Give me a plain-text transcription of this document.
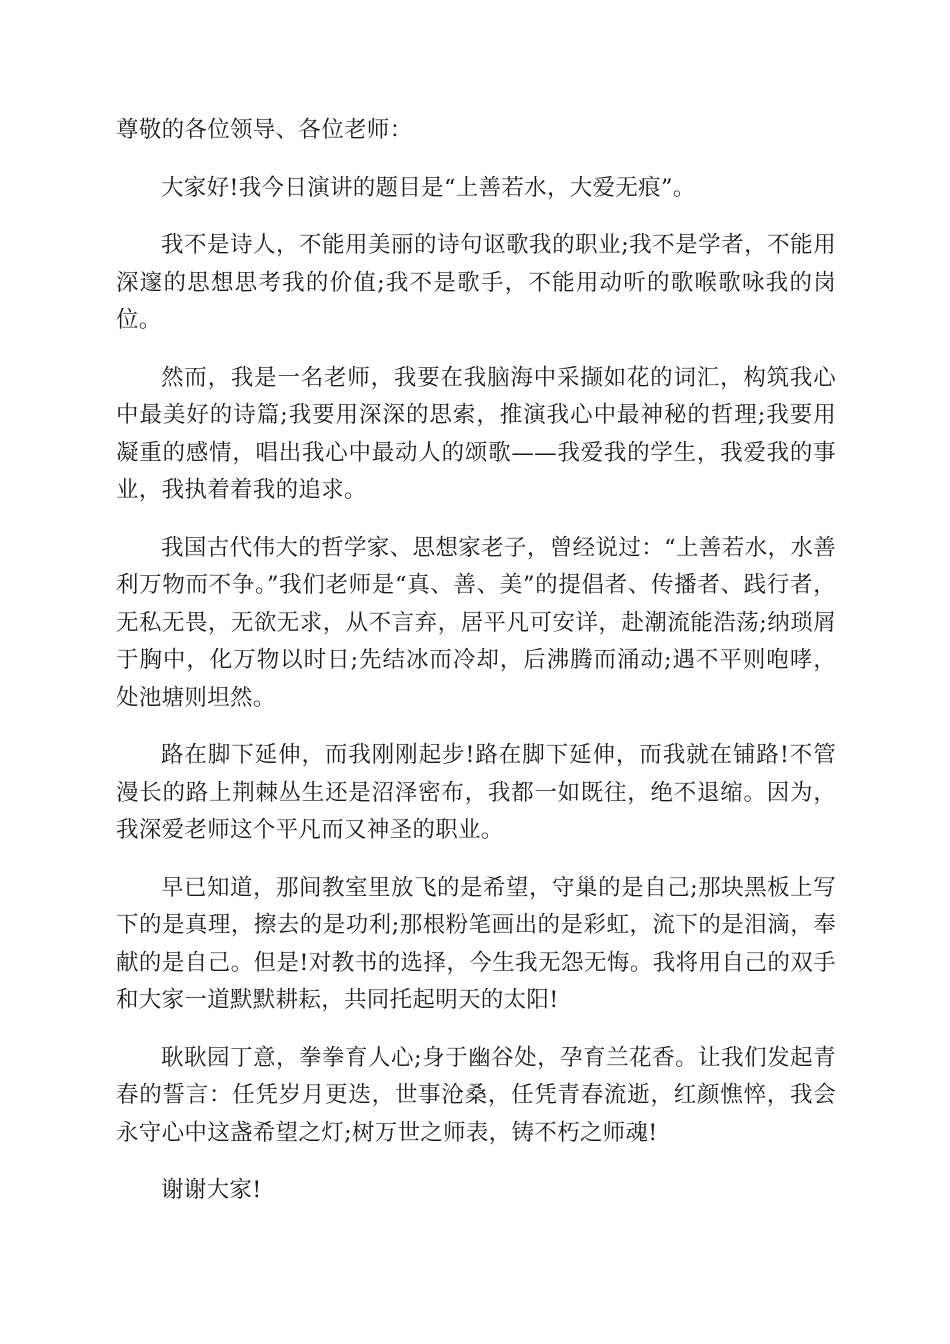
尊敬的各位领导、各位老师：

大家好!我今日演讲的题目是“上善若水，大爱无痕”。

我不是诗人，不能用美丽的诗句讴歌我的职业;我不是学者，不能用深邃的思想思考我的价值;我不是歌手，不能用动听的歌喉歌咏我的岗位。

然而，我是一名老师，我要在我脑海中采撷如花的词汇，构筑我心中最美好的诗篇;我要用深深的思索，推演我心中最神秘的哲理;我要用凝重的感情，唱出我心中最动人的颂歌——我爱我的学生，我爱我的事业，我执着着我的追求。

我国古代伟大的哲学家、思想家老子，曾经说过：“上善若水，水善利万物而不争。”我们老师是“真、善、美”的提倡者、传播者、践行者，无私无畏，无欲无求，从不言弃，居平凡可安详，赴潮流能浩荡;纳琐屑于胸中，化万物以时日;先结冰而冷却，后沸腾而涌动;遇不平则咆哮，处池塘则坦然。

路在脚下延伸，而我刚刚起步!路在脚下延伸，而我就在铺路!不管漫长的路上荆棘丛生还是沼泽密布，我都一如既往，绝不退缩。因为，我深爱老师这个平凡而又神圣的职业。

早已知道，那间教室里放飞的是希望，守巢的是自己;那块黑板上写下的是真理，擦去的是功利;那根粉笔画出的是彩虹，流下的是泪滴，奉献的是自己。但是!对教书的选择，今生我无怨无悔。我将用自己的双手和大家一道默默耕耘，共同托起明天的太阳!

耿耿园丁意，拳拳育人心;身于幽谷处，孕育兰花香。让我们发起青春的誓言：任凭岁月更迭，世事沧桑，任凭青春流逝，红颜憔悴，我会永守心中这盏希望之灯;树万世之师表，铸不朽之师魂!

谢谢大家!
